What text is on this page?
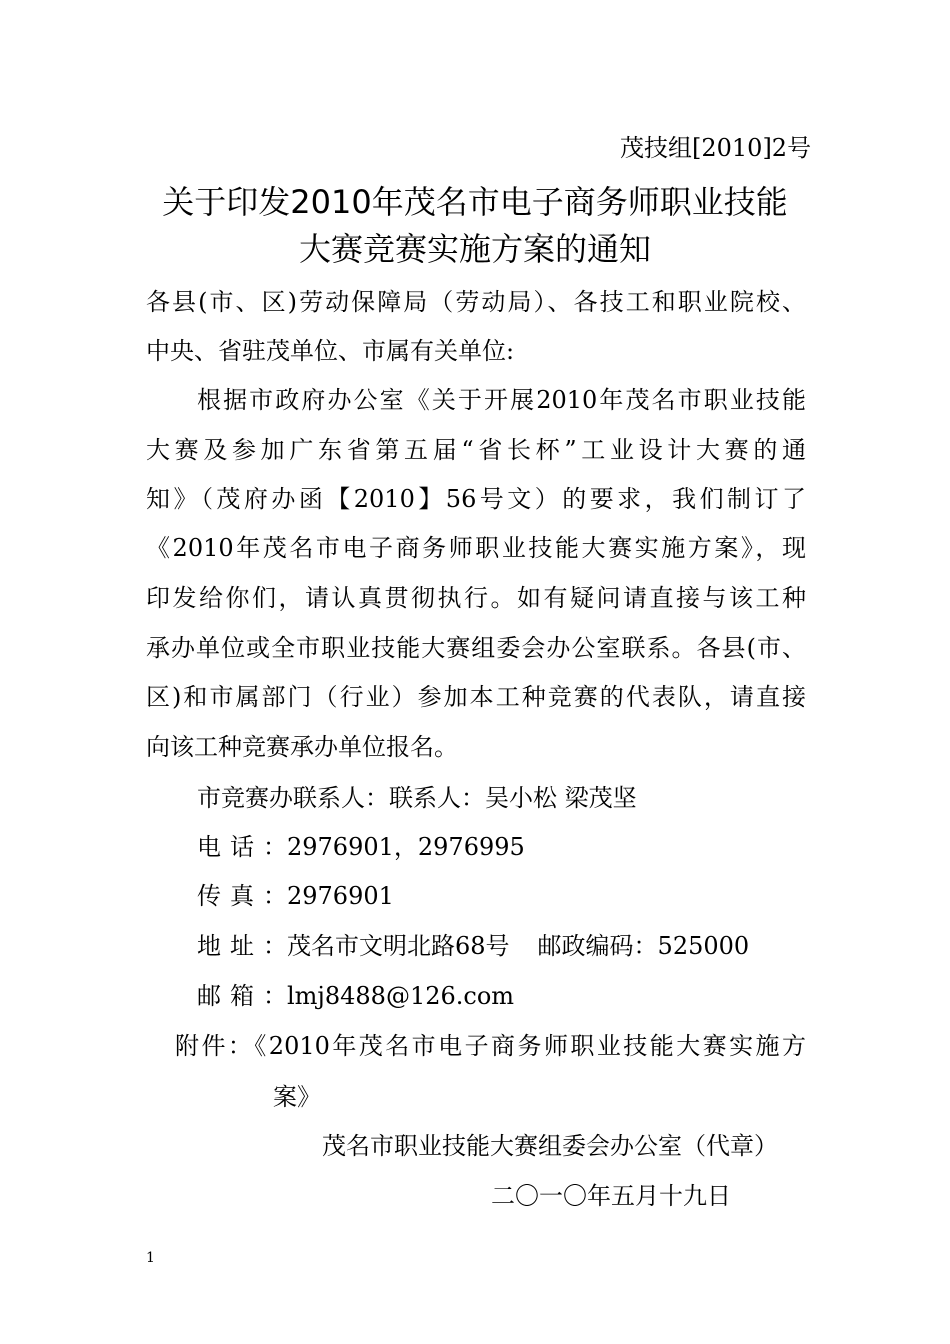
茂技组[2010]2号
关于印发2010年茂名市电子商务师职业技能
大赛竞赛实施方案的通知
各县(市、区)劳动保障局（劳动局）、各技工和职业院校、
中央、省驻茂单位、市属有关单位:
根据市政府办公室《关于开展2010年茂名市职业技能
大赛及参加广东省第五届“省长杯”工业设计大赛的通
知》（茂府办函【2010】56号文）的要求，我们制订了
《2010年茂名市电子商务师职业技能大赛实施方案》，现
印发给你们，请认真贯彻执行。如有疑问请直接与该工种
承办单位或全市职业技能大赛组委会办公室联系。各县(市、
区)和市属部门（行业）参加本工种竞赛的代表队，请直接
向该工种竞赛承办单位报名。
市竞赛办联系人：联系人：吴小松 梁茂坚
电话：2976901，2976995
传真：2976901
地址：茂名市文明北路68号 邮政编码：525000
邮箱：lmj8488@126.com
附件：《2010年茂名市电子商务师职业技能大赛实施方
案》
茂名市职业技能大赛组委会办公室（代章）
二〇一〇年五月十九日
1
